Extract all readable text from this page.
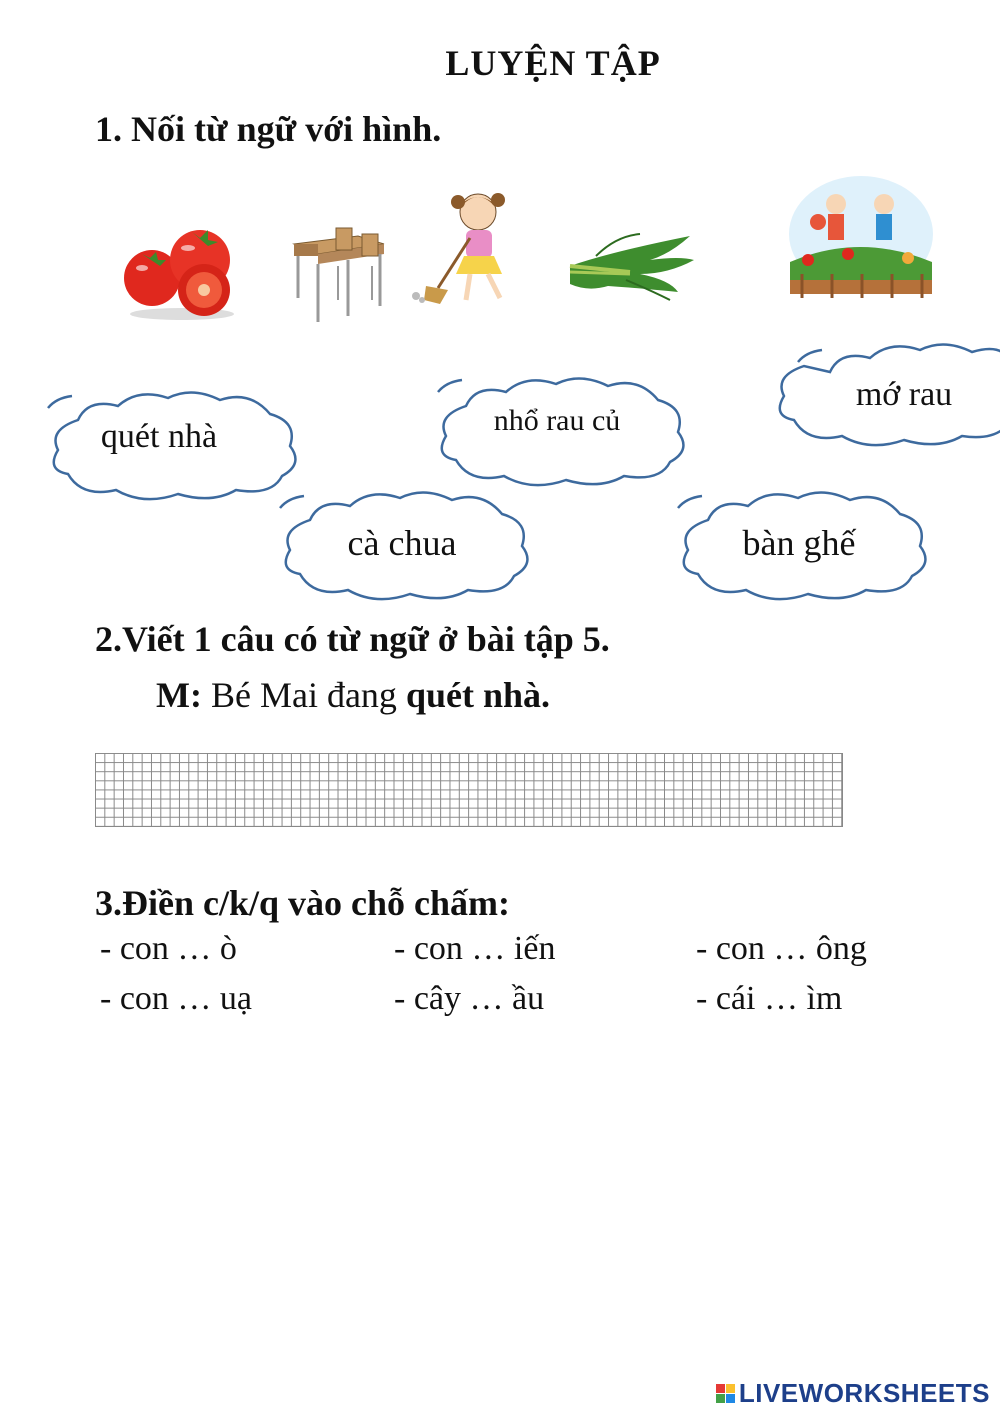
LUYỆN TẬP
1. Nối từ ngữ với hình.
quét nhà	nhổ rau củ
mớ rau
cà chua	bàn ghế
2.Viết 1 câu có từ ngữ ở bài tập 5.
M: Bé Mai đang quét nhà.
3.Điền c/k/q vào chỗ chấm:
- con … ò	- con … iến	- con … ông
- con … uạ	- cây … ầu	- cái … ìm
LIVEWORKSHEETS
